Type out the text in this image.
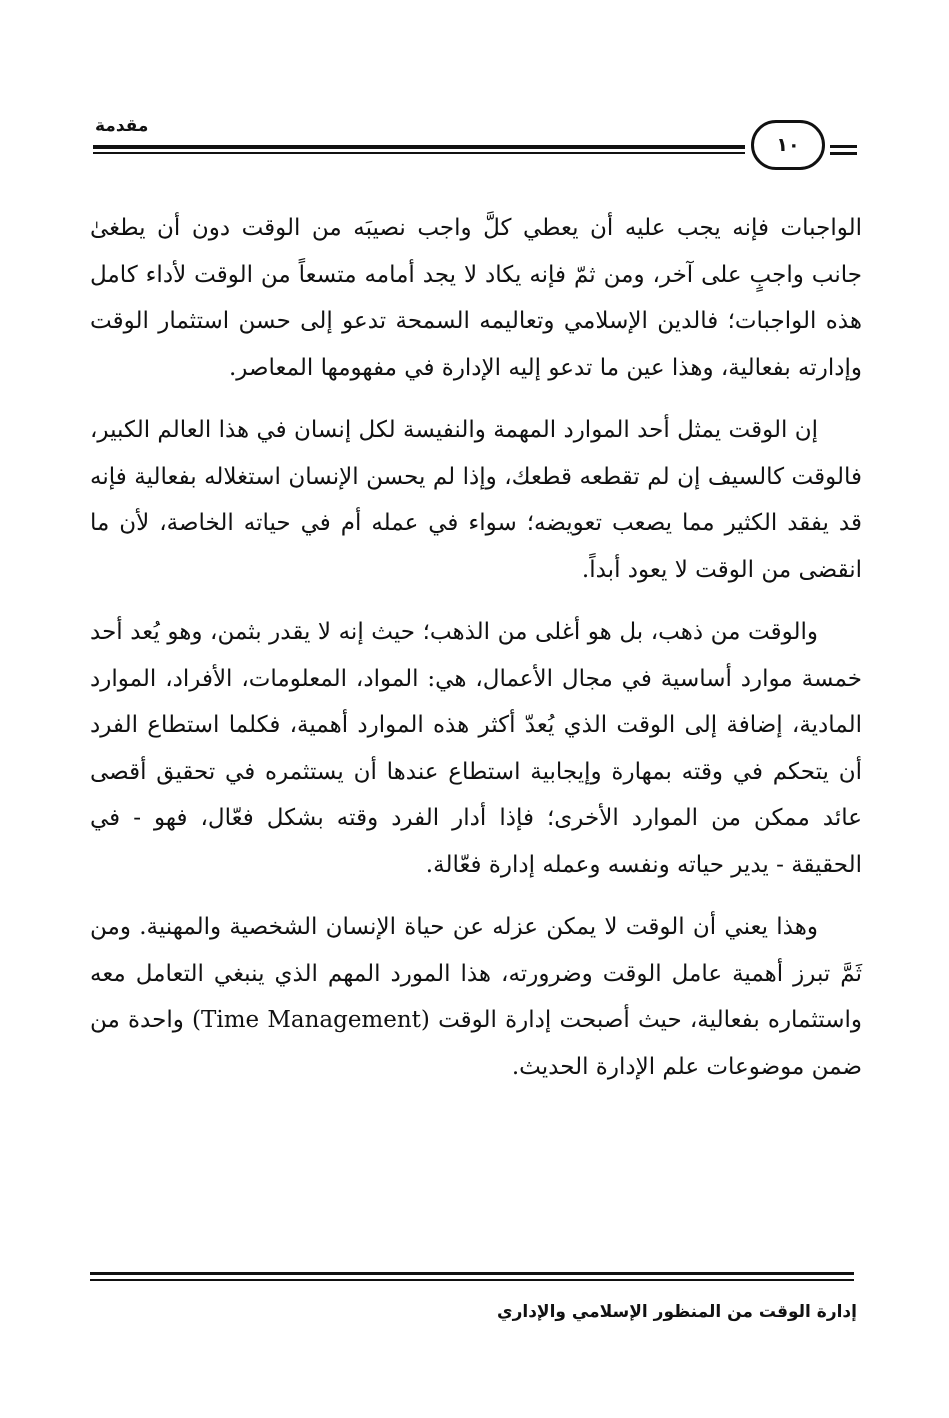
مقدمة
١٠

الواجبات فإنه يجب عليه أن يعطي كلَّ واجب نصيبَه من الوقت دون أن يطغىٰ جانب واجبٍ على آخر، ومن ثمّ فإنه يكاد لا يجد أمامه متسعاً من الوقت لأداء كامل هذه الواجبات؛ فالدين الإسلامي وتعاليمه السمحة تدعو إلى حسن استثمار الوقت وإدارته بفعالية، وهذا عين ما تدعو إليه الإدارة في مفهومها المعاصر.

إن الوقت يمثل أحد الموارد المهمة والنفيسة لكل إنسان في هذا العالم الكبير، فالوقت كالسيف إن لم تقطعه قطعك، وإذا لم يحسن الإنسان استغلاله بفعالية فإنه قد يفقد الكثير مما يصعب تعويضه؛ سواء في عمله أم في حياته الخاصة، لأن ما انقضى من الوقت لا يعود أبداً.

والوقت من ذهب، بل هو أغلى من الذهب؛ حيث إنه لا يقدر بثمن، وهو يُعد أحد خمسة موارد أساسية في مجال الأعمال، هي: المواد، المعلومات، الأفراد، الموارد المادية، إضافة إلى الوقت الذي يُعدّ أكثر هذه الموارد أهمية، فكلما استطاع الفرد أن يتحكم في وقته بمهارة وإيجابية استطاع عندها أن يستثمره في تحقيق أقصى عائد ممكن من الموارد الأخرى؛ فإذا أدار الفرد وقته بشكل فعّال، فهو - في الحقيقة - يدير حياته ونفسه وعمله إدارة فعّالة.

وهذا يعني أن الوقت لا يمكن عزله عن حياة الإنسان الشخصية والمهنية. ومن ثَمَّ تبرز أهمية عامل الوقت وضرورته، هذا المورد المهم الذي ينبغي التعامل معه واستثماره بفعالية، حيث أصبحت إدارة الوقت (Time Management) واحدة من ضمن موضوعات علم الإدارة الحديث.

إدارة الوقت من المنظور الإسلامي والإداري
